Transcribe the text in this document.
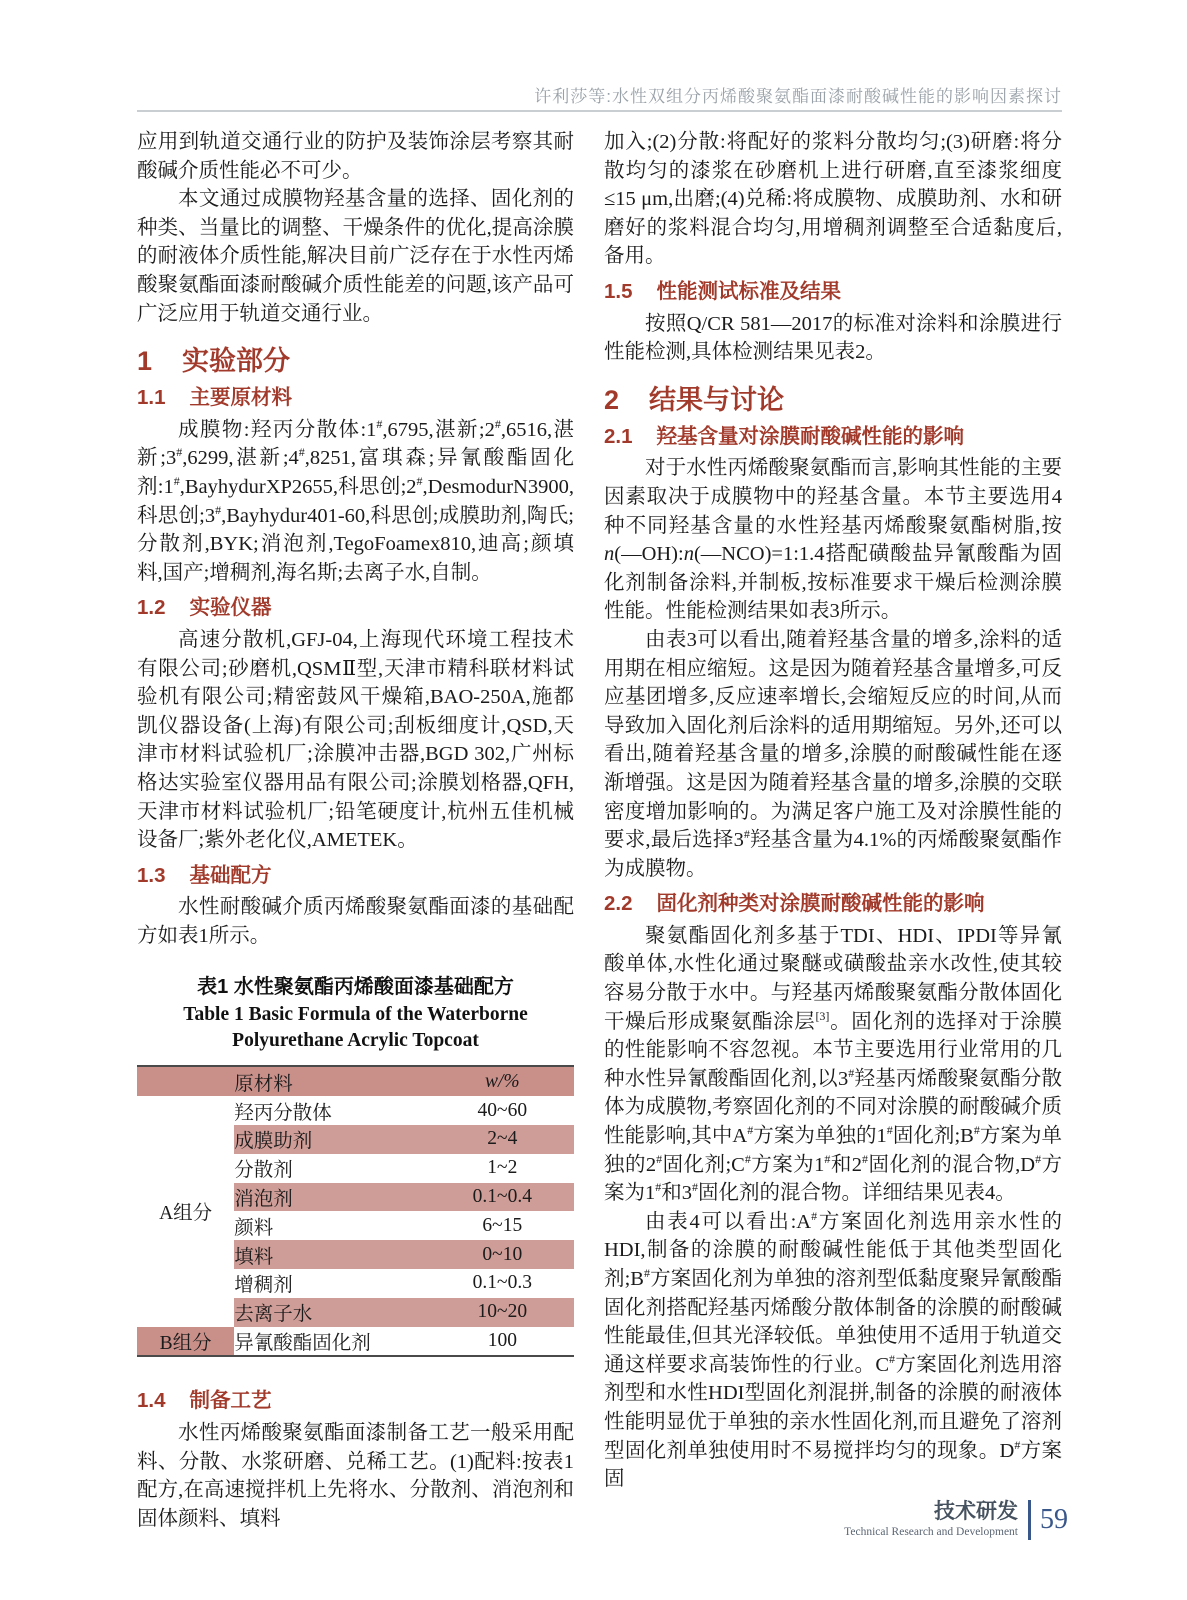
许利莎等:水性双组分丙烯酸聚氨酯面漆耐酸碱性能的影响因素探讨

应用到轨道交通行业的防护及装饰涂层考察其耐酸碱介质性能必不可少。

本文通过成膜物羟基含量的选择、固化剂的种类、当量比的调整、干燥条件的优化,提高涂膜的耐液体介质性能,解决目前广泛存在于水性丙烯酸聚氨酯面漆耐酸碱介质性能差的问题,该产品可广泛应用于轨道交通行业。

1 实验部分
1.1 主要原材料

成膜物:羟丙分散体:1#,6795,湛新;2#,6516,湛新;3#,6299,湛新;4#,8251,富琪森;异氰酸酯固化剂:1#,BayhydurXP2655,科思创;2#,DesmodurN3900,科思创;3#,Bayhydur401-60,科思创;成膜助剂,陶氏;分散剂,BYK;消泡剂,TegoFoamex810,迪高;颜填料,国产;增稠剂,海名斯;去离子水,自制。

1.2 实验仪器

高速分散机,GFJ-04,上海现代环境工程技术有限公司;砂磨机,QSMⅡ型,天津市精科联材料试验机有限公司;精密鼓风干燥箱,BAO-250A,施都凯仪器设备(上海)有限公司;刮板细度计,QSD,天津市材料试验机厂;涂膜冲击器,BGD 302,广州标格达实验室仪器用品有限公司;涂膜划格器,QFH,天津市材料试验机厂;铅笔硬度计,杭州五佳机械设备厂;紫外老化仪,AMETEK。

1.3 基础配方

水性耐酸碱介质丙烯酸聚氨酯面漆的基础配方如表1所示。

表1 水性聚氨酯丙烯酸面漆基础配方
Table 1 Basic Formula of the Waterborne Polyurethane Acrylic Topcoat
	原材料	w/%
A组分	羟丙分散体	40~60
	成膜助剂	2~4
	分散剂	1~2
	消泡剂	0.1~0.4
	颜料	6~15
	填料	0~10
	增稠剂	0.1~0.3
	去离子水	10~20
B组分	异氰酸酯固化剂	100
1.4 制备工艺

水性丙烯酸聚氨酯面漆制备工艺一般采用配料、分散、水浆研磨、兑稀工艺。(1)配料:按表1配方,在高速搅拌机上先将水、分散剂、消泡剂和固体颜料、填料

加入;(2)分散:将配好的浆料分散均匀;(3)研磨:将分散均匀的漆浆在砂磨机上进行研磨,直至漆浆细度≤15 μm,出磨;(4)兑稀:将成膜物、成膜助剂、水和研磨好的浆料混合均匀,用增稠剂调整至合适黏度后,备用。

1.5 性能测试标准及结果

按照Q/CR 581—2017的标准对涂料和涂膜进行性能检测,具体检测结果见表2。

2 结果与讨论
2.1 羟基含量对涂膜耐酸碱性能的影响

对于水性丙烯酸聚氨酯而言,影响其性能的主要因素取决于成膜物中的羟基含量。本节主要选用4种不同羟基含量的水性羟基丙烯酸聚氨酯树脂,按n(—OH):n(—NCO)=1:1.4搭配磺酸盐异氰酸酯为固化剂制备涂料,并制板,按标准要求干燥后检测涂膜性能。性能检测结果如表3所示。

由表3可以看出,随着羟基含量的增多,涂料的适用期在相应缩短。这是因为随着羟基含量增多,可反应基团增多,反应速率增长,会缩短反应的时间,从而导致加入固化剂后涂料的适用期缩短。另外,还可以看出,随着羟基含量的增多,涂膜的耐酸碱性能在逐渐增强。这是因为随着羟基含量的增多,涂膜的交联密度增加影响的。为满足客户施工及对涂膜性能的要求,最后选择3#羟基含量为4.1%的丙烯酸聚氨酯作为成膜物。

2.2 固化剂种类对涂膜耐酸碱性能的影响

聚氨酯固化剂多基于TDI、HDI、IPDI等异氰酸单体,水性化通过聚醚或磺酸盐亲水改性,使其较容易分散于水中。与羟基丙烯酸聚氨酯分散体固化干燥后形成聚氨酯涂层[3]。固化剂的选择对于涂膜的性能影响不容忽视。本节主要选用行业常用的几种水性异氰酸酯固化剂,以3#羟基丙烯酸聚氨酯分散体为成膜物,考察固化剂的不同对涂膜的耐酸碱介质性能影响,其中A#方案为单独的1#固化剂;B#方案为单独的2#固化剂;C#方案为1#和2#固化剂的混合物,D#方案为1#和3#固化剂的混合物。详细结果见表4。

由表4可以看出:A#方案固化剂选用亲水性的HDI,制备的涂膜的耐酸碱性能低于其他类型固化剂;B#方案固化剂为单独的溶剂型低黏度聚异氰酸酯固化剂搭配羟基丙烯酸分散体制备的涂膜的耐酸碱性能最佳,但其光泽较低。单独使用不适用于轨道交通这样要求高装饰性的行业。C#方案固化剂选用溶剂型和水性HDI型固化剂混拼,制备的涂膜的耐液体性能明显优于单独的亲水性固化剂,而且避免了溶剂型固化剂单独使用时不易搅拌均匀的现象。D#方案固

技术研发
Technical Research and Development 59
